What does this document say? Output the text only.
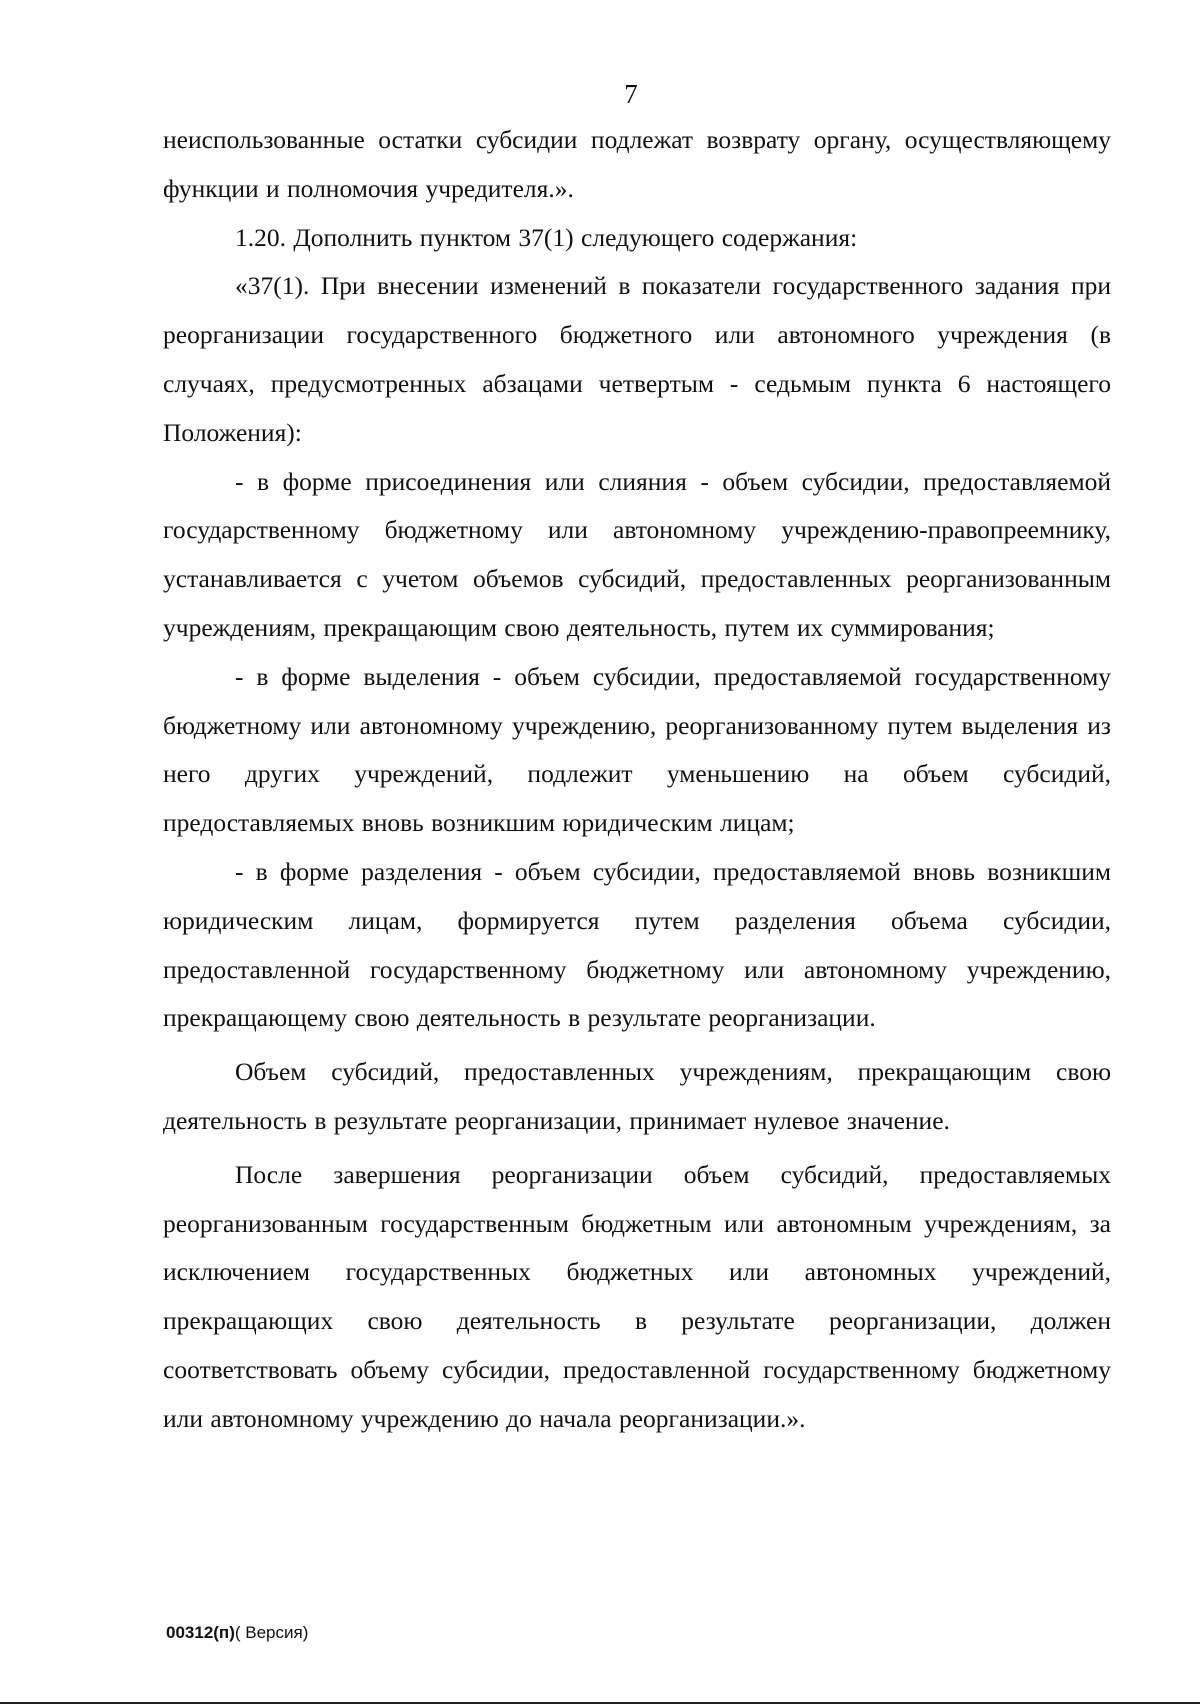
7

неиспользованные остатки субсидии подлежат возврату органу, осуществляющему функции и полномочия учредителя.».

1.20. Дополнить пунктом 37(1) следующего содержания:

«37(1). При внесении изменений в показатели государственного задания при реорганизации государственного бюджетного или автономного учреждения (в случаях, предусмотренных абзацами четвертым - седьмым пункта 6 настоящего Положения):

- в форме присоединения или слияния - объем субсидии, предоставляемой государственному бюджетному или автономному учреждению-правопреемнику, устанавливается с учетом объемов субсидий, предоставленных реорганизованным учреждениям, прекращающим свою деятельность, путем их суммирования;

- в форме выделения - объем субсидии, предоставляемой государственному бюджетному или автономному учреждению, реорганизованному путем выделения из него других учреждений, подлежит уменьшению на объем субсидий, предоставляемых вновь возникшим юридическим лицам;

- в форме разделения - объем субсидии, предоставляемой вновь возникшим юридическим лицам, формируется путем разделения объема субсидии, предоставленной государственному бюджетному или автономному учреждению, прекращающему свою деятельность в результате реорганизации.

Объем субсидий, предоставленных учреждениям, прекращающим свою деятельность в результате реорганизации, принимает нулевое значение.

После завершения реорганизации объем субсидий, предоставляемых реорганизованным государственным бюджетным или автономным учреждениям, за исключением государственных бюджетных или автономных учреждений, прекращающих свою деятельность в результате реорганизации, должен соответствовать объему субсидии, предоставленной государственному бюджетному или автономному учреждению до начала реорганизации.».

00312(п)( Версия)
